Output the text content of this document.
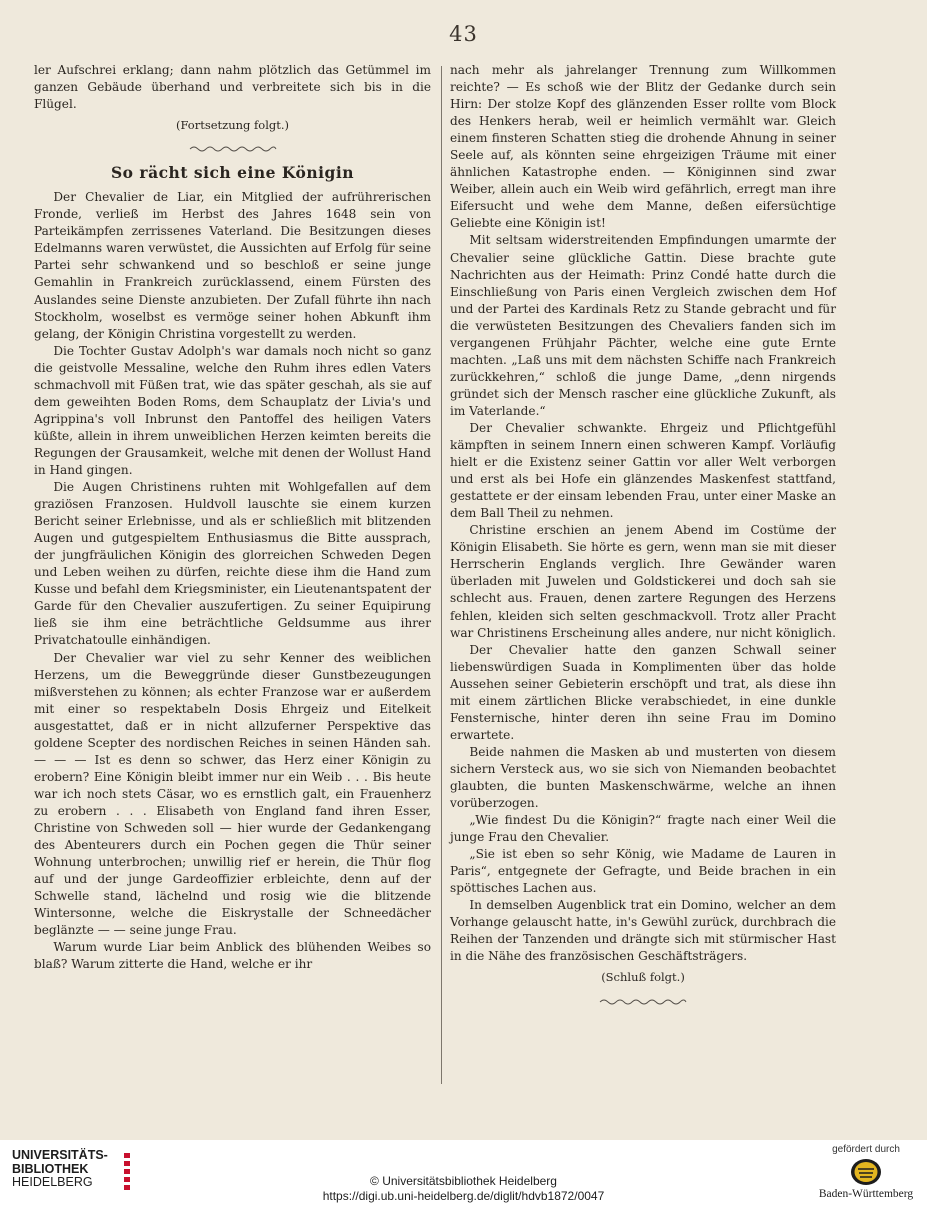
43

ler Aufschrei erklang; dann nahm plötzlich das Getümmel im ganzen Gebäude überhand und verbreitete sich bis in die Flügel.

(Fortsetzung folgt.)
So rächt sich eine Königin

Der Chevalier de Liar, ein Mitglied der aufrührerischen Fronde, verließ im Herbst des Jahres 1648 sein von Parteikämpfen zerrissenes Vaterland. Die Besitzungen dieses Edelmanns waren verwüstet, die Aussichten auf Erfolg für seine Partei sehr schwankend und so beschloß er seine junge Gemahlin in Frankreich zurücklassend, einem Fürsten des Auslandes seine Dienste anzubieten. Der Zufall führte ihn nach Stockholm, woselbst es vermöge seiner hohen Abkunft ihm gelang, der Königin Christina vorgestellt zu werden.

Die Tochter Gustav Adolph's war damals noch nicht so ganz die geistvolle Messaline, welche den Ruhm ihres edlen Vaters schmachvoll mit Füßen trat, wie das später geschah, als sie auf dem geweihten Boden Roms, dem Schauplatz der Livia's und Agrippina's voll Inbrunst den Pantoffel des heiligen Vaters küßte, allein in ihrem unweiblichen Herzen keimten bereits die Regungen der Grausamkeit, welche mit denen der Wollust Hand in Hand gingen.

Die Augen Christinens ruhten mit Wohlgefallen auf dem graziösen Franzosen. Huldvoll lauschte sie einem kurzen Bericht seiner Erlebnisse, und als er schließlich mit blitzenden Augen und gutgespieltem Enthusiasmus die Bitte aussprach, der jungfräulichen Königin des glorreichen Schweden Degen und Leben weihen zu dürfen, reichte diese ihm die Hand zum Kusse und befahl dem Kriegsminister, ein Lieutenantspatent der Garde für den Chevalier auszufertigen. Zu seiner Equipirung ließ sie ihm eine beträchtliche Geldsumme aus ihrer Privatchatoulle einhändigen.

Der Chevalier war viel zu sehr Kenner des weiblichen Herzens, um die Beweggründe dieser Gunstbezeugungen mißverstehen zu können; als echter Franzose war er außerdem mit einer so respektabeln Dosis Ehrgeiz und Eitelkeit ausgestattet, daß er in nicht allzuferner Perspektive das goldene Scepter des nordischen Reiches in seinen Händen sah. — — — Ist es denn so schwer, das Herz einer Königin zu erobern? Eine Königin bleibt immer nur ein Weib . . . Bis heute war ich noch stets Cäsar, wo es ernstlich galt, ein Frauenherz zu erobern . . . Elisabeth von England fand ihren Esser, Christine von Schweden soll — hier wurde der Gedankengang des Abenteurers durch ein Pochen gegen die Thür seiner Wohnung unterbrochen; unwillig rief er herein, die Thür flog auf und der junge Gardeoffizier erbleichte, denn auf der Schwelle stand, lächelnd und rosig wie die blitzende Wintersonne, welche die Eiskrystalle der Schneedächer beglänzte — — seine junge Frau.

Warum wurde Liar beim Anblick des blühenden Weibes so blaß? Warum zitterte die Hand, welche er ihr

nach mehr als jahrelanger Trennung zum Willkommen reichte? — Es schoß wie der Blitz der Gedanke durch sein Hirn: Der stolze Kopf des glänzenden Esser rollte vom Block des Henkers herab, weil er heimlich vermählt war. Gleich einem finsteren Schatten stieg die drohende Ahnung in seiner Seele auf, als könnten seine ehrgeizigen Träume mit einer ähnlichen Katastrophe enden. — Königinnen sind zwar Weiber, allein auch ein Weib wird gefährlich, erregt man ihre Eifersucht und wehe dem Manne, deßen eifersüchtige Geliebte eine Königin ist!

Mit seltsam widerstreitenden Empfindungen umarmte der Chevalier seine glückliche Gattin. Diese brachte gute Nachrichten aus der Heimath: Prinz Condé hatte durch die Einschließung von Paris einen Vergleich zwischen dem Hof und der Partei des Kardinals Retz zu Stande gebracht und für die verwüsteten Besitzungen des Chevaliers fanden sich im vergangenen Frühjahr Pächter, welche eine gute Ernte machten. „Laß uns mit dem nächsten Schiffe nach Frankreich zurückkehren,“ schloß die junge Dame, „denn nirgends gründet sich der Mensch rascher eine glückliche Zukunft, als im Vaterlande.“

Der Chevalier schwankte. Ehrgeiz und Pflichtgefühl kämpften in seinem Innern einen schweren Kampf. Vorläufig hielt er die Existenz seiner Gattin vor aller Welt verborgen und erst als bei Hofe ein glänzendes Maskenfest stattfand, gestattete er der einsam lebenden Frau, unter einer Maske an dem Ball Theil zu nehmen.

Christine erschien an jenem Abend im Costüme der Königin Elisabeth. Sie hörte es gern, wenn man sie mit dieser Herrscherin Englands verglich. Ihre Gewänder waren überladen mit Juwelen und Goldstickerei und doch sah sie schlecht aus. Frauen, denen zartere Regungen des Herzens fehlen, kleiden sich selten geschmackvoll. Trotz aller Pracht war Christinens Erscheinung alles andere, nur nicht königlich.

Der Chevalier hatte den ganzen Schwall seiner liebenswürdigen Suada in Komplimenten über das holde Aussehen seiner Gebieterin erschöpft und trat, als diese ihn mit einem zärtlichen Blicke verabschiedet, in eine dunkle Fensternische, hinter deren ihn seine Frau im Domino erwartete.

Beide nahmen die Masken ab und musterten von diesem sichern Versteck aus, wo sie sich von Niemanden beobachtet glaubten, die bunten Maskenschwärme, welche an ihnen vorüberzogen.

„Wie findest Du die Königin?“ fragte nach einer Weil die junge Frau den Chevalier.

„Sie ist eben so sehr König, wie Madame de Lauren in Paris“, entgegnete der Gefragte, und Beide brachen in ein spöttisches Lachen aus.

In demselben Augenblick trat ein Domino, welcher an dem Vorhange gelauscht hatte, in's Gewühl zurück, durchbrach die Reihen der Tanzenden und drängte sich mit stürmischer Hast in die Nähe des französischen Geschäftsträgers.

(Schluß folgt.)
UNIVERSITÄTS-
BIBLIOTHEK
HEIDELBERG	© Universitätsbibliothek Heidelberg
https://digi.ub.uni-heidelberg.de/diglit/hdvb1872/0047
gefördert durch
Baden-Württemberg
